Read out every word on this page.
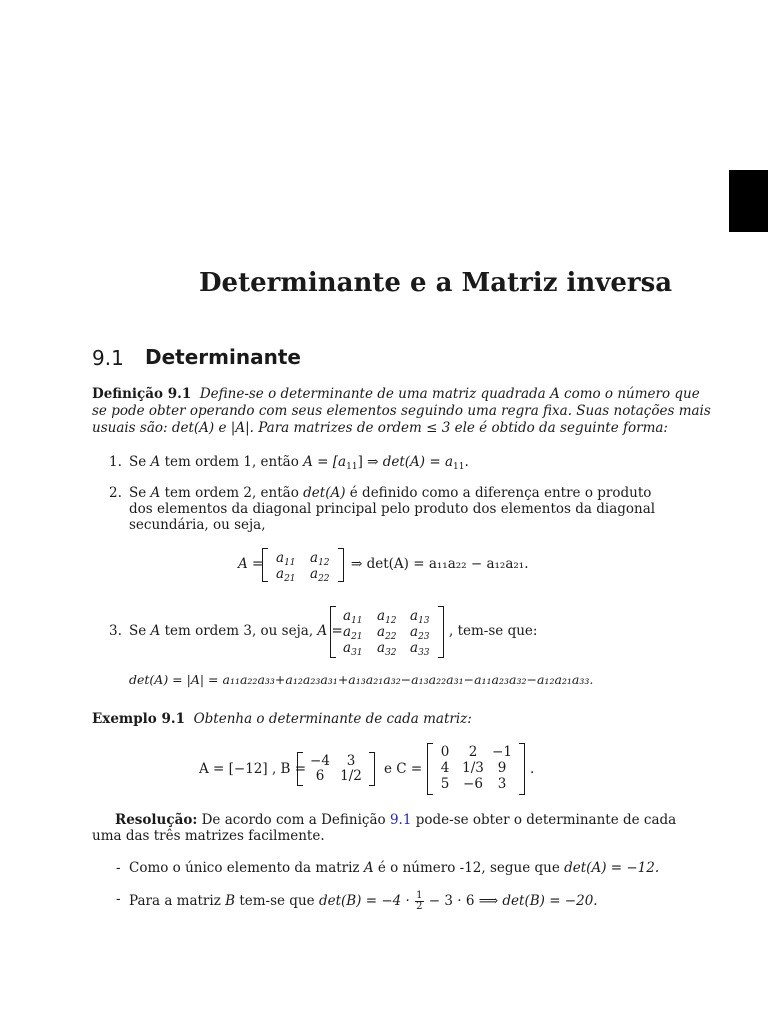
Determinante e a Matriz inversa
9.1 Determinante
Definição 9.1 Define-se o determinante de uma matriz quadrada A como o número que
se pode obter operando com seus elementos seguindo uma regra fixa. Suas notações mais
usuais são: det(A) e |A|. Para matrizes de ordem ≤ 3 ele é obtido da seguinte forma:
1. Se A tem ordem 1, então $A = [a_{11}]$ ⇒ $\det(A) = a_{11}$.
2. Se A tem ordem 2, então det(A) é definido como a diferença entre o produto
dos elementos da diagonal principal pelo produto dos elementos da diagonal
secundária, ou seja,
$A = a_{11}$ $a_{12}$
$a_{21}$ $a_{22}$
⇒ det(A) = a₁₁a₂₂ − a₁₂a₂₁.
3. Se A tem ordem 3, ou seja, A =
$a_{11}$ $a_{12}$ $a_{13}$
$a_{21}$ $a_{22}$ $a_{23}$
$a_{31}$ $a_{32}$ $a_{33}$
, tem-se que:
det(A) = |A| = a₁₁a₂₂a₃₃+a₁₂a₂₃a₃₁+a₁₃a₂₁a₃₂−a₁₃a₂₂a₃₁−a₁₁a₂₃a₃₂−a₁₂a₂₁a₃₃.
Exemplo 9.1 Obtenha o determinante de cada matriz:
A = [−12] , B = −4	3
6	1/2 e C =
0	2	−1
4 1/3	9
5	−6	3
.
Resolução: De acordo com a Definição 9.1 pode-se obter o determinante de cada
uma das três matrizes facilmente.
- Como o único elemento da matriz A é o número -12, segue que det(A) = −12.
- Para a matriz B tem-se que $\det(B) = -4 \cdot \frac{1}{2} - 3 \cdot 6$ ⟹ det(B) = −20.
